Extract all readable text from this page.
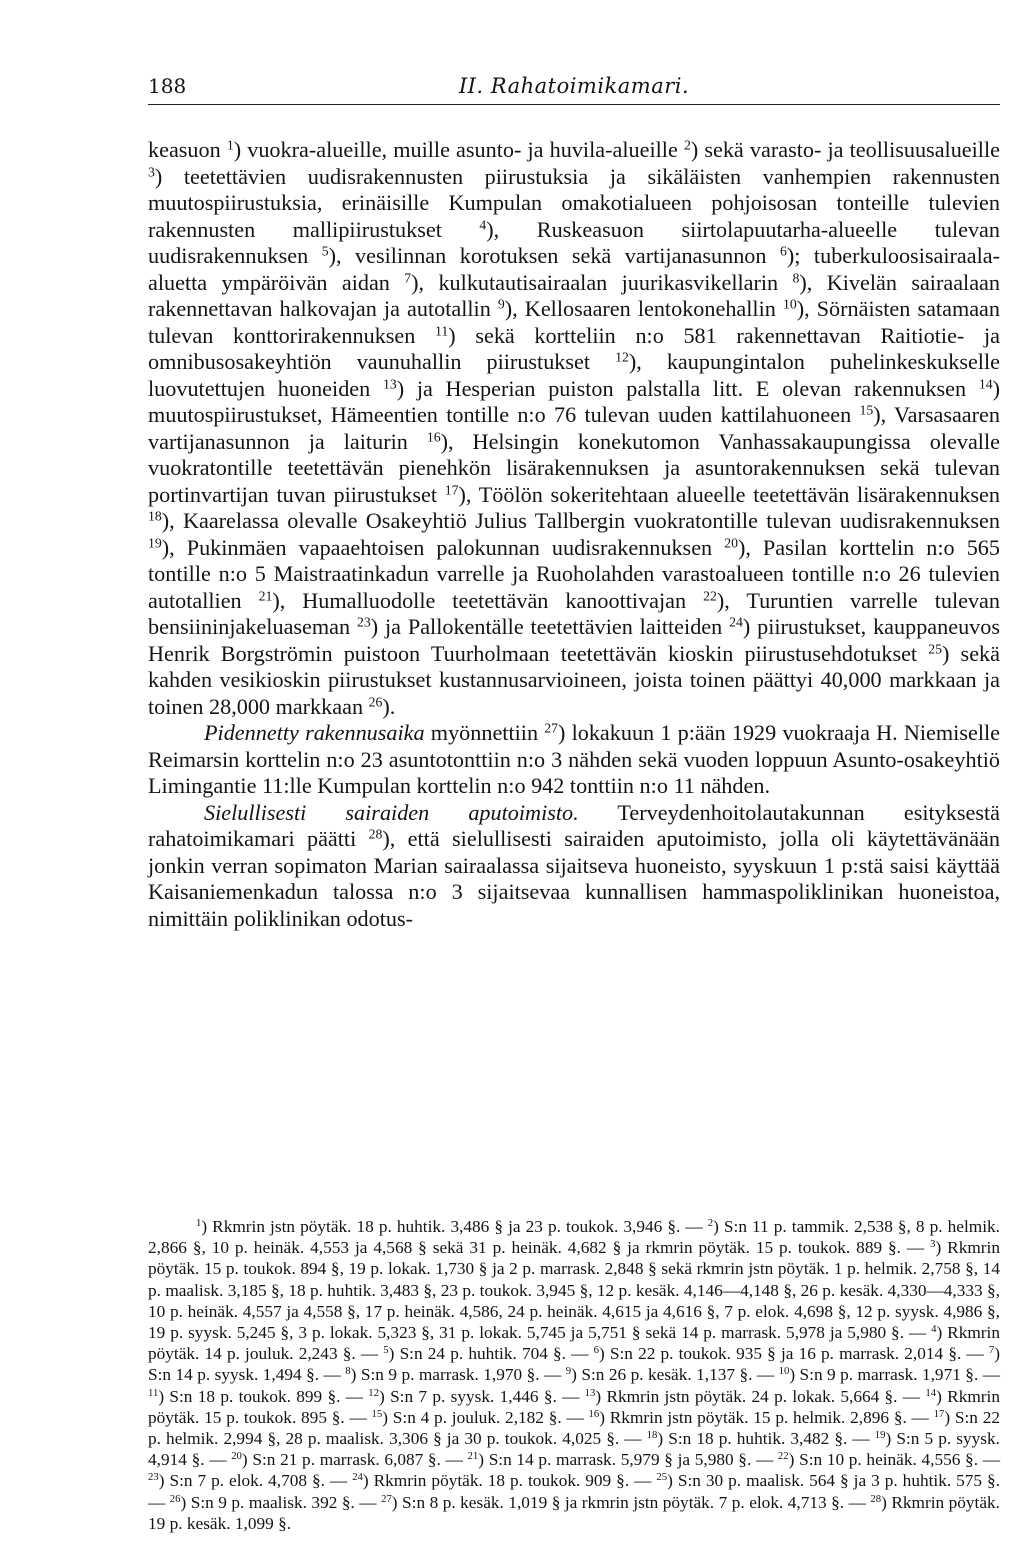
188	II. Rahatoimikamari.

keasuon $^1$) vuokra-alueille, muille asunto- ja huvila-alueille $^2$) sekä varasto- ja teollisuusalueille $^3$) teetettävien uudisrakennusten piirustuksia ja sikäläisten vanhempien rakennusten muutospiirustuksia, erinäisille Kumpulan omakotialueen pohjoisosan tonteille tulevien rakennusten mallipiirustukset $^4$), Ruskeasuon siirtolapuutarha-alueelle tulevan uudisrakennuksen $^5$), vesilinnan korotuksen sekä vartijanasunnon $^6$); tuberkuloosisairaala-aluetta ympäröivän aidan $^7$), kulkutautisairaalan juurikasvikellarin $^8$), Kivelän sairaalaan rakennettavan halkovajan ja autotallin $^9$), Kellosaaren lentokonehallin $^{10}$), Sörnäisten satamaan tulevan konttorirakennuksen $^{11}$) sekä kortteliin n:o 581 rakennettavan Raitiotie- ja omnibusosakeyhtiön vaunuhallin piirustukset $^{12}$), kaupungintalon puhelinkeskukselle luovutettujen huoneiden $^{13}$) ja Hesperian puiston palstalla litt. E olevan rakennuksen $^{14}$) muutospiirustukset, Hämeentien tontille n:o 76 tulevan uuden kattilahuoneen $^{15}$), Varsasaaren vartijanasunnon ja laiturin $^{16}$), Helsingin konekutomon Vanhassakaupungissa olevalle vuokratontille teetettävän pienehkön lisärakennuksen ja asuntorakennuksen sekä tulevan portinvartijan tuvan piirustukset $^{17}$), Töölön sokeritehtaan alueelle teetettävän lisärakennuksen $^{18}$), Kaarelassa olevalle Osakeyhtiö Julius Tallbergin vuokratontille tulevan uudisrakennuksen $^{19}$), Pukinmäen vapaaehtoisen palokunnan uudisrakennuksen $^{20}$), Pasilan korttelin n:o 565 tontille n:o 5 Maistraatinkadun varrelle ja Ruoholahden varastoalueen tontille n:o 26 tulevien autotallien $^{21}$), Humalluodolle teetettävän kanoottivajan $^{22}$), Turuntien varrelle tulevan bensiininjakeluaseman $^{23}$) ja Pallokentälle teetettävien laitteiden $^{24}$) piirustukset, kauppaneuvos Henrik Borgströmin puistoon Tuurholmaan teetettävän kioskin piirustusehdotukset $^{25}$) sekä kahden vesikioskin piirustukset kustannusarvioineen, joista toinen päättyi 40,000 markkaan ja toinen 28,000 markkaan $^{26}$).

Pidennetty rakennusaika myönnettiin $^{27}$) lokakuun 1 p:ään 1929 vuokraaja H. Niemiselle Reimarsin korttelin n:o 23 asuntotonttiin n:o 3 nähden sekä vuoden loppuun Asunto-osakeyhtiö Limingantie 11:lle Kumpulan korttelin n:o 942 tonttiin n:o 11 nähden.

Sielullisesti sairaiden aputoimisto. Terveydenhoitolautakunnan esityksestä rahatoimikamari päätti $^{28}$), että sielullisesti sairaiden aputoimisto, jolla oli käytettävänään jonkin verran sopimaton Marian sairaalassa sijaitseva huoneisto, syyskuun 1 p:stä saisi käyttää Kaisaniemenkadun talossa n:o 3 sijaitsevaa kunnallisen hammaspoliklinikan huoneistoa, nimittäin poliklinikan odotus-

$^1$) Rkmrin jstn pöytäk. 18 p. huhtik. 3,486 § ja 23 p. toukok. 3,946 §. — $^2$) S:n 11 p. tammik. 2,538 §, 8 p. helmik. 2,866 §, 10 p. heinäk. 4,553 ja 4,568 § sekä 31 p. heinäk. 4,682 § ja rkmrin pöytäk. 15 p. toukok. 889 §. — $^3$) Rkmrin pöytäk. 15 p. toukok. 894 §, 19 p. lokak. 1,730 § ja 2 p. marrask. 2,848 § sekä rkmrin jstn pöytäk. 1 p. helmik. 2,758 §, 14 p. maalisk. 3,185 §, 18 p. huhtik. 3,483 §, 23 p. toukok. 3,945 §, 12 p. kesäk. 4,146—4,148 §, 26 p. kesäk. 4,330—4,333 §, 10 p. heinäk. 4,557 ja 4,558 §, 17 p. heinäk. 4,586, 24 p. heinäk. 4,615 ja 4,616 §, 7 p. elok. 4,698 §, 12 p. syysk. 4,986 §, 19 p. syysk. 5,245 §, 3 p. lokak. 5,323 §, 31 p. lokak. 5,745 ja 5,751 § sekä 14 p. marrask. 5,978 ja 5,980 §. — $^4$) Rkmrin pöytäk. 14 p. jouluk. 2,243 §. — $^5$) S:n 24 p. huhtik. 704 §. — $^6$) S:n 22 p. toukok. 935 § ja 16 p. marrask. 2,014 §. — $^7$) S:n 14 p. syysk. 1,494 §. — $^8$) S:n 9 p. marrask. 1,970 §. — $^9$) S:n 26 p. kesäk. 1,137 §. — $^{10}$) S:n 9 p. marrask. 1,971 §. — $^{11}$) S:n 18 p. toukok. 899 §. — $^{12}$) S:n 7 p. syysk. 1,446 §. — $^{13}$) Rkmrin jstn pöytäk. 24 p. lokak. 5,664 §. — $^{14}$) Rkmrin pöytäk. 15 p. toukok. 895 §. — $^{15}$) S:n 4 p. jouluk. 2,182 §. — $^{16}$) Rkmrin jstn pöytäk. 15 p. helmik. 2,896 §. — $^{17}$) S:n 22 p. helmik. 2,994 §, 28 p. maalisk. 3,306 § ja 30 p. toukok. 4,025 §. — $^{18}$) S:n 18 p. huhtik. 3,482 §. — $^{19}$) S:n 5 p. syysk. 4,914 §. — $^{20}$) S:n 21 p. marrask. 6,087 §. — $^{21}$) S:n 14 p. marrask. 5,979 § ja 5,980 §. — $^{22}$) S:n 10 p. heinäk. 4,556 §. — $^{23}$) S:n 7 p. elok. 4,708 §. — $^{24}$) Rkmrin pöytäk. 18 p. toukok. 909 §. — $^{25}$) S:n 30 p. maalisk. 564 § ja 3 p. huhtik. 575 §. — $^{26}$) S:n 9 p. maalisk. 392 §. — $^{27}$) S:n 8 p. kesäk. 1,019 § ja rkmrin jstn pöytäk. 7 p. elok. 4,713 §. — $^{28}$) Rkmrin pöytäk. 19 p. kesäk. 1,099 §.
